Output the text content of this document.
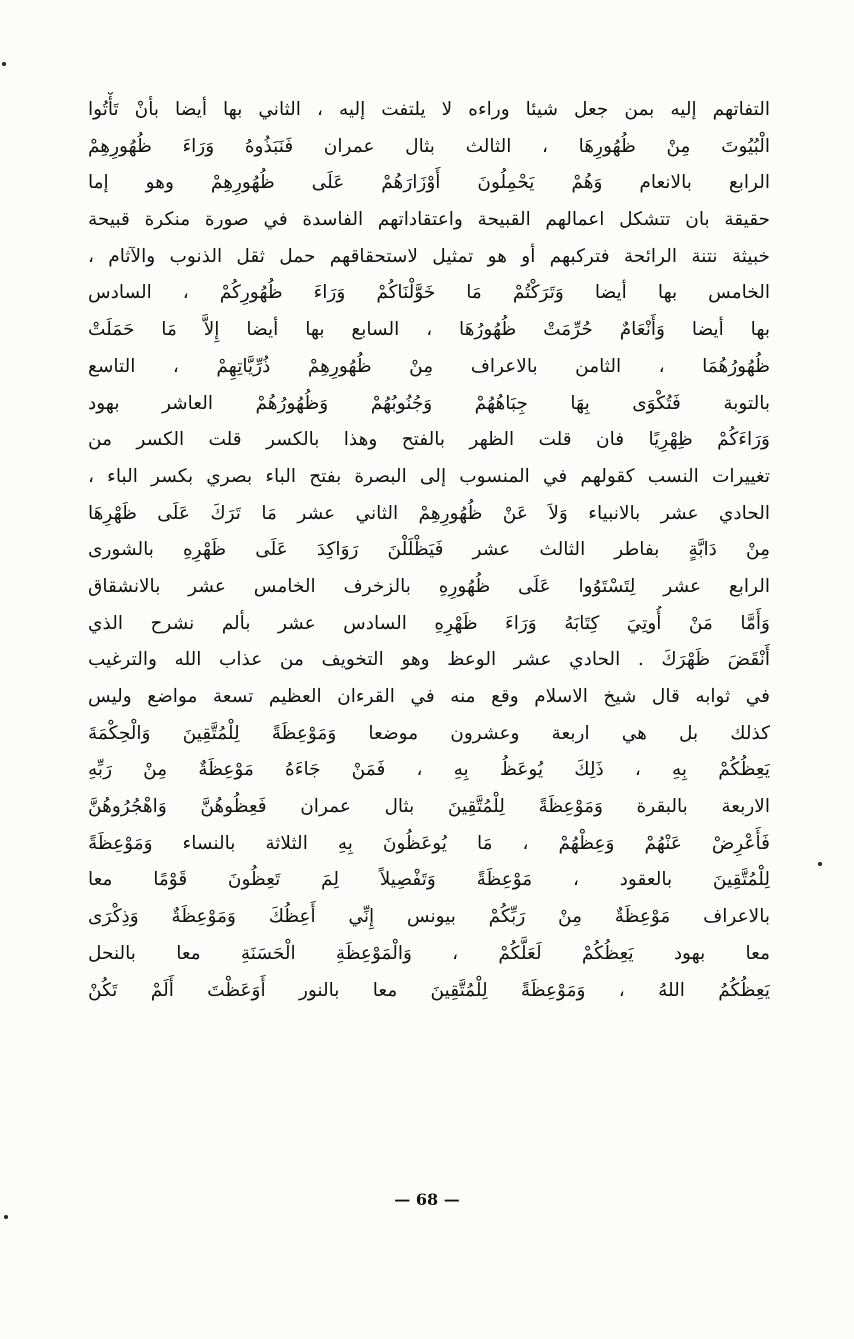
التفاتهم إليه بمن جعل شيئا وراءه لا يلتفت إليه ، الثاني بها أيضا بأنْ تَأْتُوا
الْبُيُوتَ مِنْ ظُهُورِهَا ، الثالث بثال عمران فَنَبَذُوهُ وَرَاءَ ظُهُورِهِمْ
الرابع بالانعام وَهُمْ يَحْمِلُونَ أَوْزَارَهُمْ عَلَى ظُهُورِهِمْ وهو إما
حقيقة بان تتشكل اعمالهم القبيحة واعتقاداتهم الفاسدة في صورة منكرة قبيحة
خبيثة نتنة الرائحة فتركبهم أو هو تمثيل لاستحقاقهم حمل ثقل الذنوب والآثام ،
الخامس بها أيضا وَتَرَكْتُمْ مَا خَوَّلْنَاكُمْ وَرَاءَ ظُهُورِكُمْ ، السادس
بها أيضا وَأَنْعَامٌ حُرِّمَتْ ظُهُورُهَا ، السابع بها أيضا إِلاَّ مَا حَمَلَتْ
ظُهُورُهُمَا ، الثامن بالاعراف مِنْ ظُهُورِهِمْ ذُرِّيَّاتِهِمْ ، التاسع
بالتوبة فَتُكْوَى بِهَا جِبَاهُهُمْ وَجُنُوبُهُمْ وَظُهُورُهُمْ العاشر بهود
وَرَاءَكُمْ ظِهْرِيًا فان قلت الظهر بالفتح وهذا بالكسر قلت الكسر من
تغييرات النسب كقولهم في المنسوب إلى البصرة بفتح الباء بصري بكسر الباء ،
الحادي عشر بالانبياء وَلاَ عَنْ ظُهُورِهِمْ الثاني عشر مَا تَرَكَ عَلَى ظَهْرِهَا
مِنْ دَابَّةٍ بفاطر الثالث عشر فَيَظْلَلْنَ رَوَاكِدَ عَلَى ظَهْرِهِ بالشورى
الرابع عشر لِتَسْتَوُوا عَلَى ظُهُورِهِ بالزخرف الخامس عشر بالانشقاق
وَأَمَّا مَنْ أُوتِيَ كِتَابَهُ وَرَاءَ ظَهْرِهِ السادس عشر بألم نشرح الذي
أَنْقَضَ ظَهْرَكَ . الحادي عشر الوعظ وهو التخويف من عذاب الله والترغيب
في ثوابه قال شيخ الاسلام وقع منه في القرءان العظيم تسعة مواضع وليس
كذلك بل هي اربعة وعشرون موضعا وَمَوْعِظَةً لِلْمُتَّقِينَ وَالْحِكْمَةَ
يَعِظُكُمْ بِهِ ، ذَلِكَ يُوعَظُ بِهِ ، فَمَنْ جَاءَهُ مَوْعِظَةٌ مِنْ رَبِّهِ
الاربعة بالبقرة وَمَوْعِظَةً لِلْمُتَّقِينَ بثال عمران فَعِظُوهُنَّ وَاهْجُرُوهُنَّ
فَأَعْرِضْ عَنْهُمْ وَعِظْهُمْ ، مَا يُوعَظُونَ بِهِ الثلاثة بالنساء وَمَوْعِظَةً
لِلْمُتَّقِينَ بالعقود ، مَوْعِظَةً وَتَفْصِيلاً لِمَ تَعِظُونَ قَوْمًا معا
بالاعراف مَوْعِظَةٌ مِنْ رَبِّكُمْ بيونس إِنِّي أَعِظُكَ وَمَوْعِظَةٌ وَذِكْرَى
معا بهود يَعِظُكُمْ لَعَلَّكُمْ ، وَالْمَوْعِظَةِ الْحَسَنَةِ معا بالنحل
يَعِظُكُمُ اللهُ ، وَمَوْعِظَةً لِلْمُتَّقِينَ معا بالنور أَوَعَظْتَ أَلَمْ تَكُنْ
— 68 —
